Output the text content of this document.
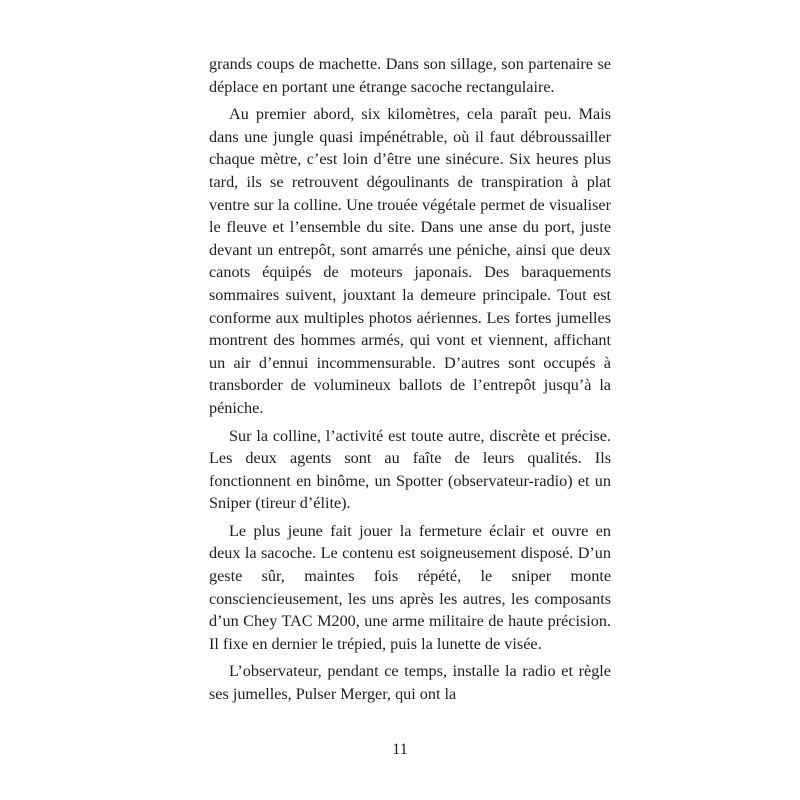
grands coups de machette. Dans son sillage, son partenaire se déplace en portant une étrange sacoche rectangulaire.

Au premier abord, six kilomètres, cela paraît peu. Mais dans une jungle quasi impénétrable, où il faut débroussailler chaque mètre, c’est loin d’être une sinécure. Six heures plus tard, ils se retrouvent dégoulinants de transpiration à plat ventre sur la colline. Une trouée végétale permet de visualiser le fleuve et l’ensemble du site. Dans une anse du port, juste devant un entrepôt, sont amarrés une péniche, ainsi que deux canots équipés de moteurs japonais. Des baraquements sommaires suivent, jouxtant la demeure principale. Tout est conforme aux multiples photos aériennes. Les fortes jumelles montrent des hommes armés, qui vont et viennent, affichant un air d’ennui incommensurable. D’autres sont occupés à transborder de volumineux ballots de l’entrepôt jusqu’à la péniche.

Sur la colline, l’activité est toute autre, discrète et précise. Les deux agents sont au faîte de leurs qualités. Ils fonctionnent en binôme, un Spotter (observateur-radio) et un Sniper (tireur d’élite).

Le plus jeune fait jouer la fermeture éclair et ouvre en deux la sacoche. Le contenu est soigneusement disposé. D’un geste sûr, maintes fois répété, le sniper monte consciencieusement, les uns après les autres, les composants d’un Chey TAC M200, une arme militaire de haute précision. Il fixe en dernier le trépied, puis la lunette de visée.

L’observateur, pendant ce temps, installe la radio et règle ses jumelles, Pulser Merger, qui ont la

11
